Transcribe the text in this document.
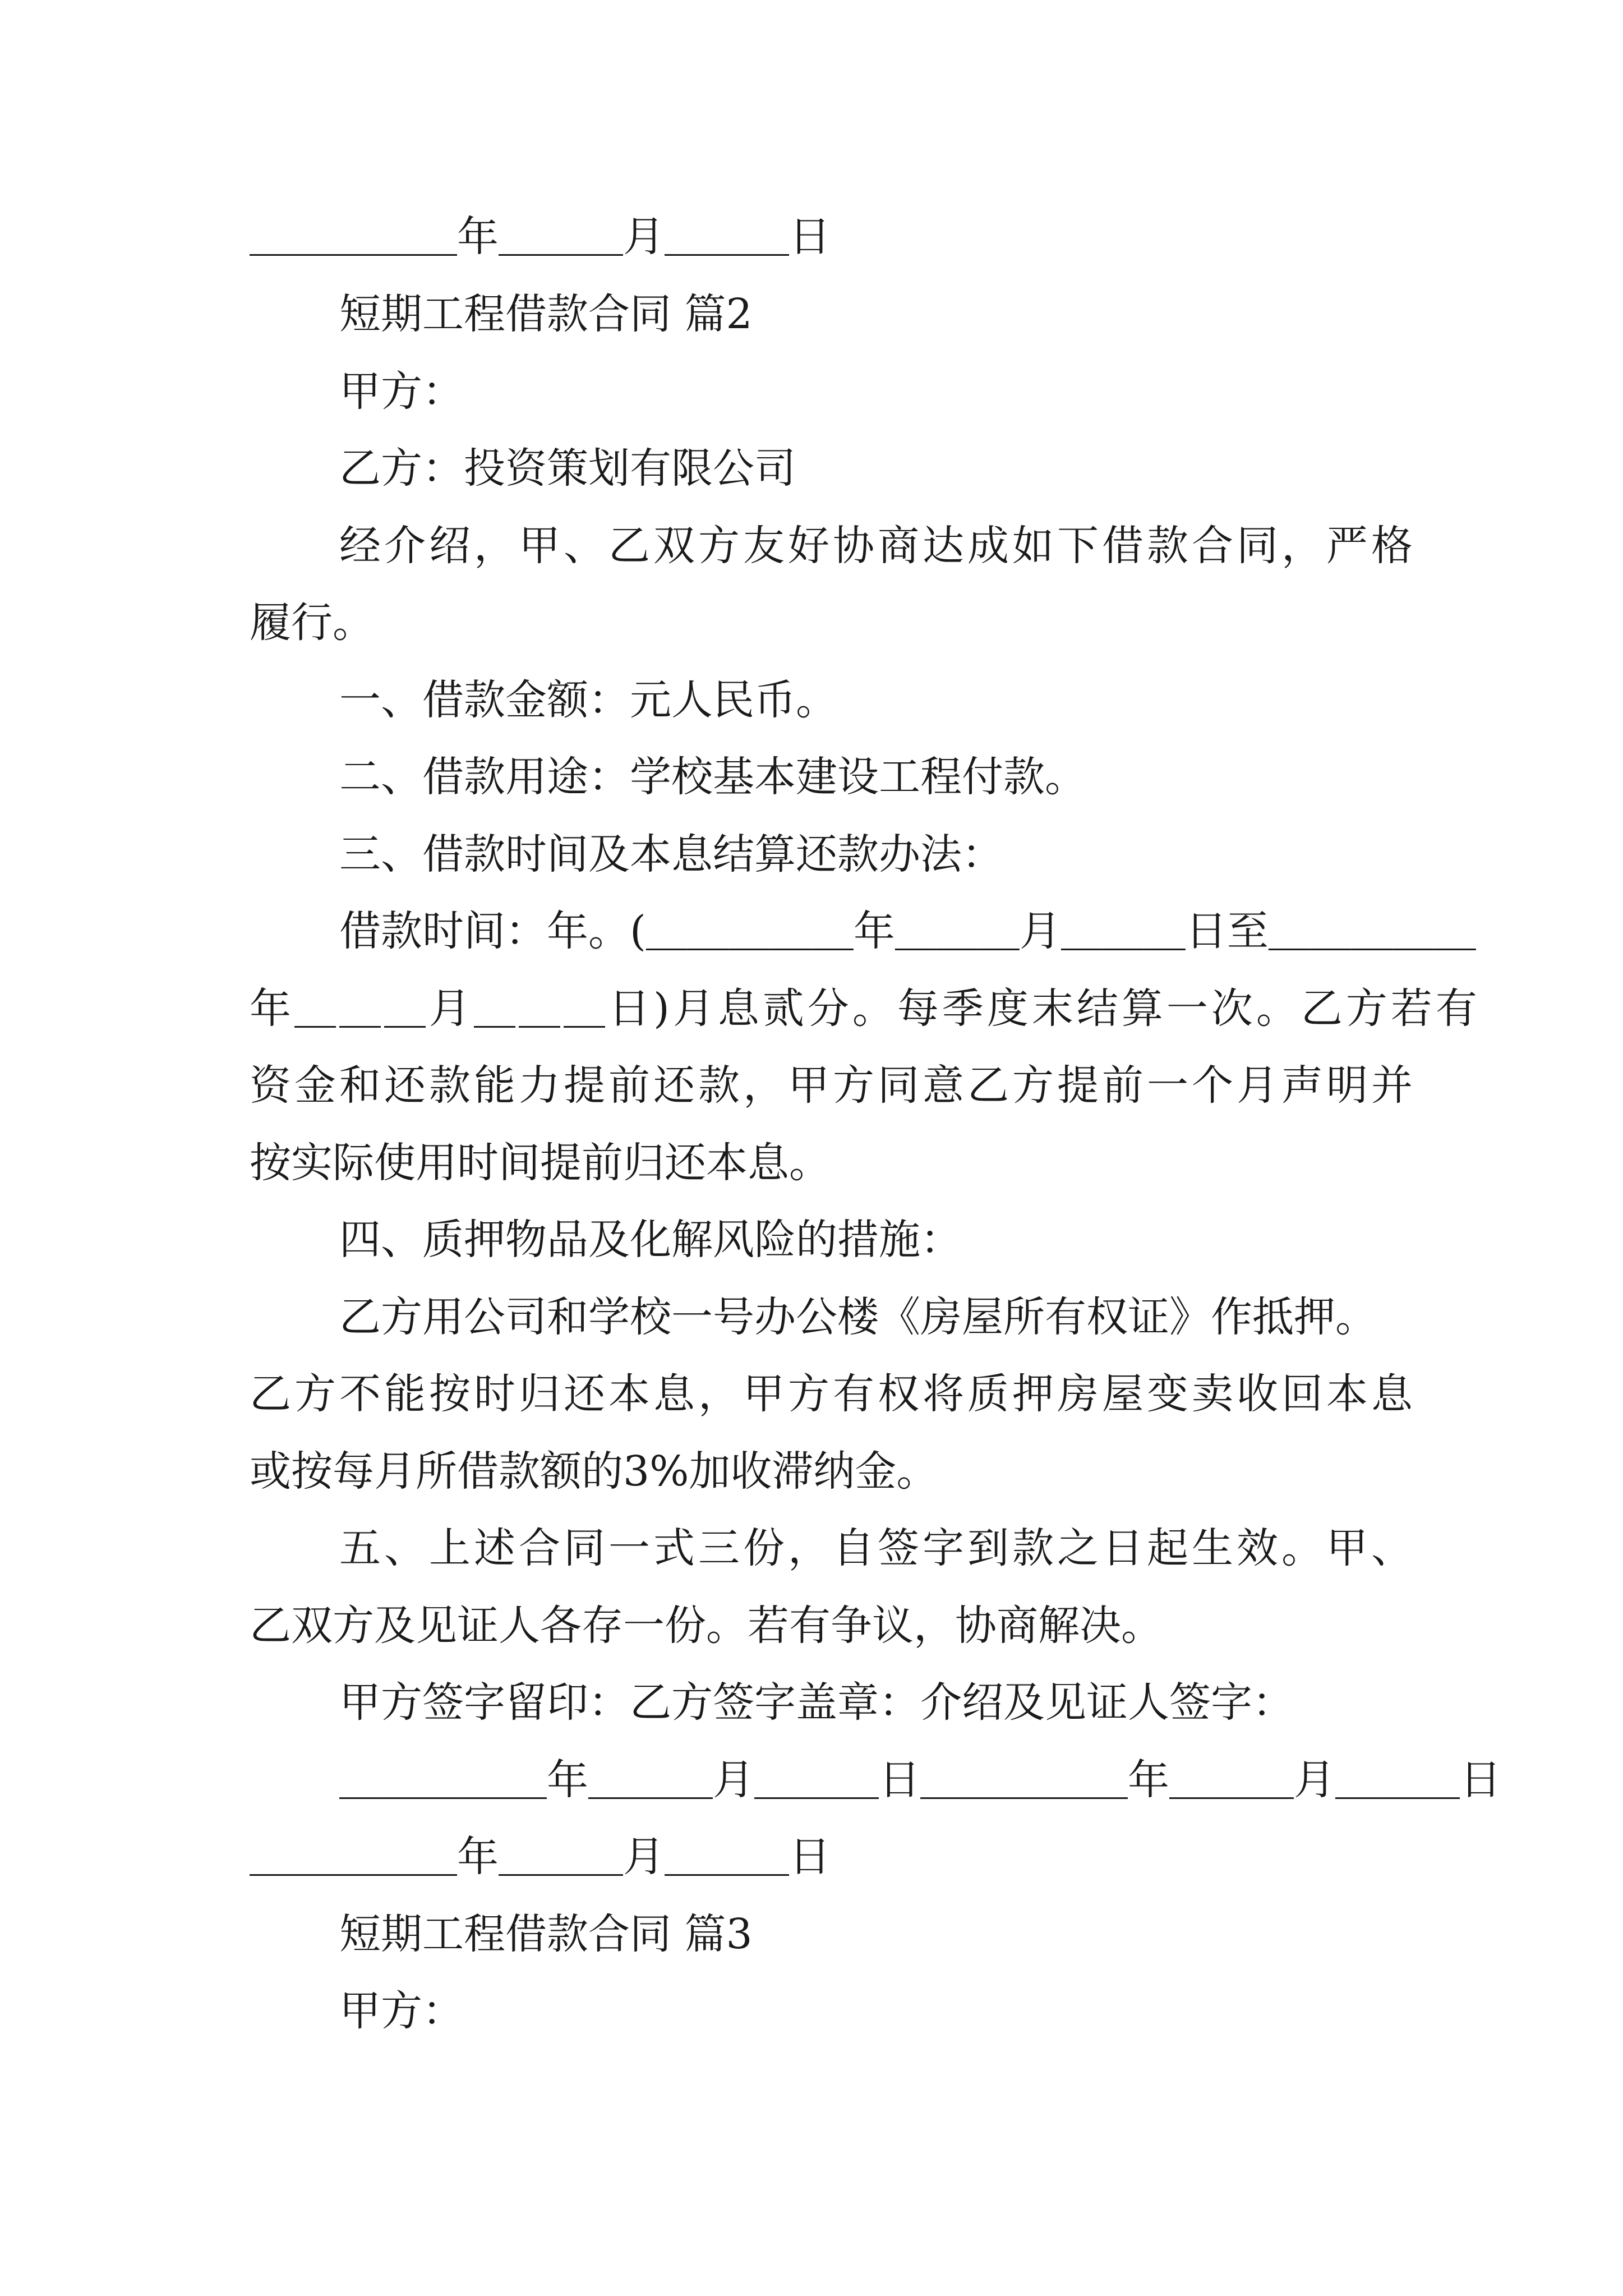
＿＿＿＿＿年＿＿＿月＿＿＿日
短期工程借款合同 篇2
甲方：
乙方：投资策划有限公司
经介绍，甲、乙双方友好协商达成如下借款合同，严格
履行。
一、借款金额：元人民币。
二、借款用途：学校基本建设工程付款。
三、借款时间及本息结算还款办法：
借款时间：年。(＿＿＿＿＿年＿＿＿月＿＿＿日至＿＿＿＿＿
年＿＿＿月＿＿＿日)月息贰分。每季度末结算一次。乙方若有
资金和还款能力提前还款，甲方同意乙方提前一个月声明并
按实际使用时间提前归还本息。
四、质押物品及化解风险的措施：
乙方用公司和学校一号办公楼《房屋所有权证》作抵押。
乙方不能按时归还本息，甲方有权将质押房屋变卖收回本息
或按每月所借款额的3%加收滞纳金。
五、上述合同一式三份，自签字到款之日起生效。甲、
乙双方及见证人各存一份。若有争议，协商解决。
甲方签字留印：乙方签字盖章：介绍及见证人签字：
＿＿＿＿＿年＿＿＿月＿＿＿日＿＿＿＿＿年＿＿＿月＿＿＿日
＿＿＿＿＿年＿＿＿月＿＿＿日
短期工程借款合同 篇3
甲方：
